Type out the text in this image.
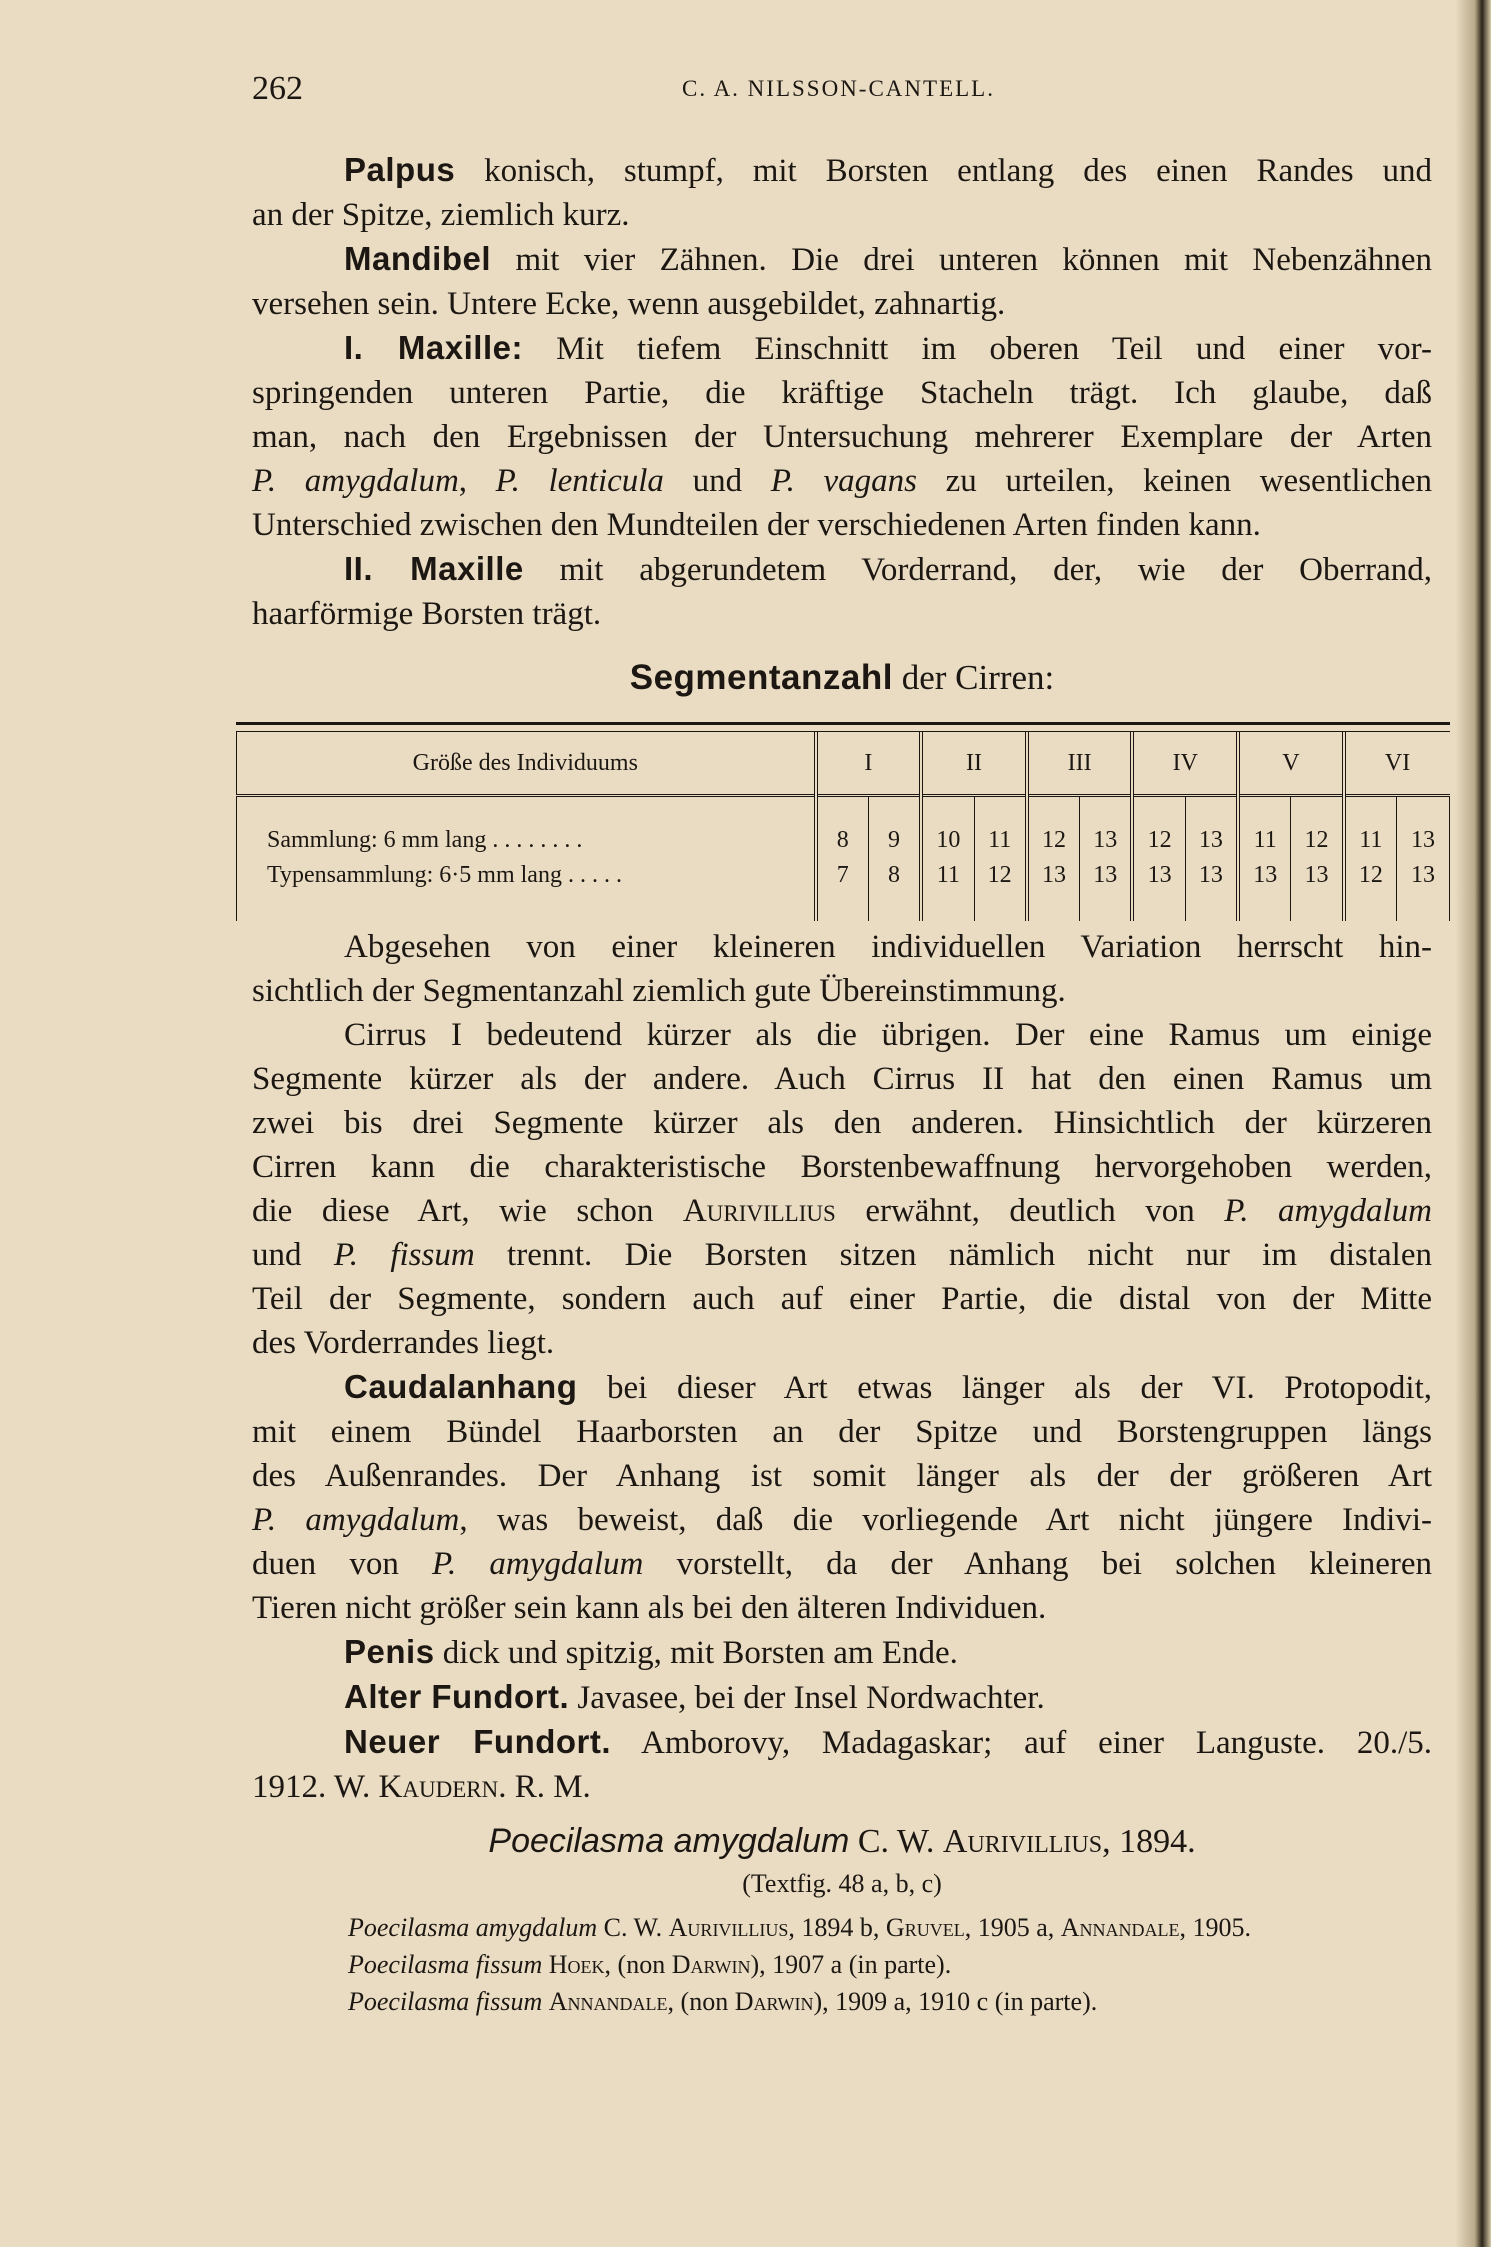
262	C. A. NILSSON-CANTELL.

Palpus konisch, stumpf, mit Borsten entlang des einen Randes und

an der Spitze, ziemlich kurz.

Mandibel mit vier Zähnen. Die drei unteren können mit Nebenzähnen

versehen sein. Untere Ecke, wenn ausgebildet, zahnartig.

I. Maxille: Mit tiefem Einschnitt im oberen Teil und einer vor-

springenden unteren Partie, die kräftige Stacheln trägt. Ich glaube, daß

man, nach den Ergebnissen der Untersuchung mehrerer Exemplare der Arten

P. amygdalum, P. lenticula und P. vagans zu urteilen, keinen wesentlichen

Unterschied zwischen den Mundteilen der verschiedenen Arten finden kann.

II. Maxille mit abgerundetem Vorderrand, der, wie der Oberrand,

haarförmige Borsten trägt.

Segmentanzahl der Cirren:
Größe des Individuums	I		II		III		IV		V		VI	
Sammlung: 6 mm lang . . . . . . . .	8	9	10	11	12	13	12	13	11	12	11	13
Typensammlung: 6·5 mm lang . . . . .	7	8	11	12	13	13	13	13	13	13	12	13

Abgesehen von einer kleineren individuellen Variation herrscht hin-

sichtlich der Segmentanzahl ziemlich gute Übereinstimmung.

Cirrus I bedeutend kürzer als die übrigen. Der eine Ramus um einige

Segmente kürzer als der andere. Auch Cirrus II hat den einen Ramus um

zwei bis drei Segmente kürzer als den anderen. Hinsichtlich der kürzeren

Cirren kann die charakteristische Borstenbewaffnung hervorgehoben werden,

die diese Art, wie schon Aurivillius erwähnt, deutlich von P. amygdalum

und P. fissum trennt. Die Borsten sitzen nämlich nicht nur im distalen

Teil der Segmente, sondern auch auf einer Partie, die distal von der Mitte

des Vorderrandes liegt.

Caudalanhang bei dieser Art etwas länger als der VI. Protopodit,

mit einem Bündel Haarborsten an der Spitze und Borstengruppen längs

des Außenrandes. Der Anhang ist somit länger als der der größeren Art

P. amygdalum, was beweist, daß die vorliegende Art nicht jüngere Indivi-

duen von P. amygdalum vorstellt, da der Anhang bei solchen kleineren

Tieren nicht größer sein kann als bei den älteren Individuen.

Penis dick und spitzig, mit Borsten am Ende.

Alter Fundort. Javasee, bei der Insel Nordwachter.

Neuer Fundort. Amborovy, Madagaskar; auf einer Languste. 20./5.

1912. W. Kaudern. R. M.

Poecilasma amygdalum C. W. Aurivillius, 1894.
(Textfig. 48 a, b, c)
Poecilasma amygdalum C. W. Aurivillius, 1894 b, Gruvel, 1905 a, Annandale, 1905.
Poecilasma fissum Hoek, (non Darwin), 1907 a (in parte).
Poecilasma fissum Annandale, (non Darwin), 1909 a, 1910 c (in parte).
